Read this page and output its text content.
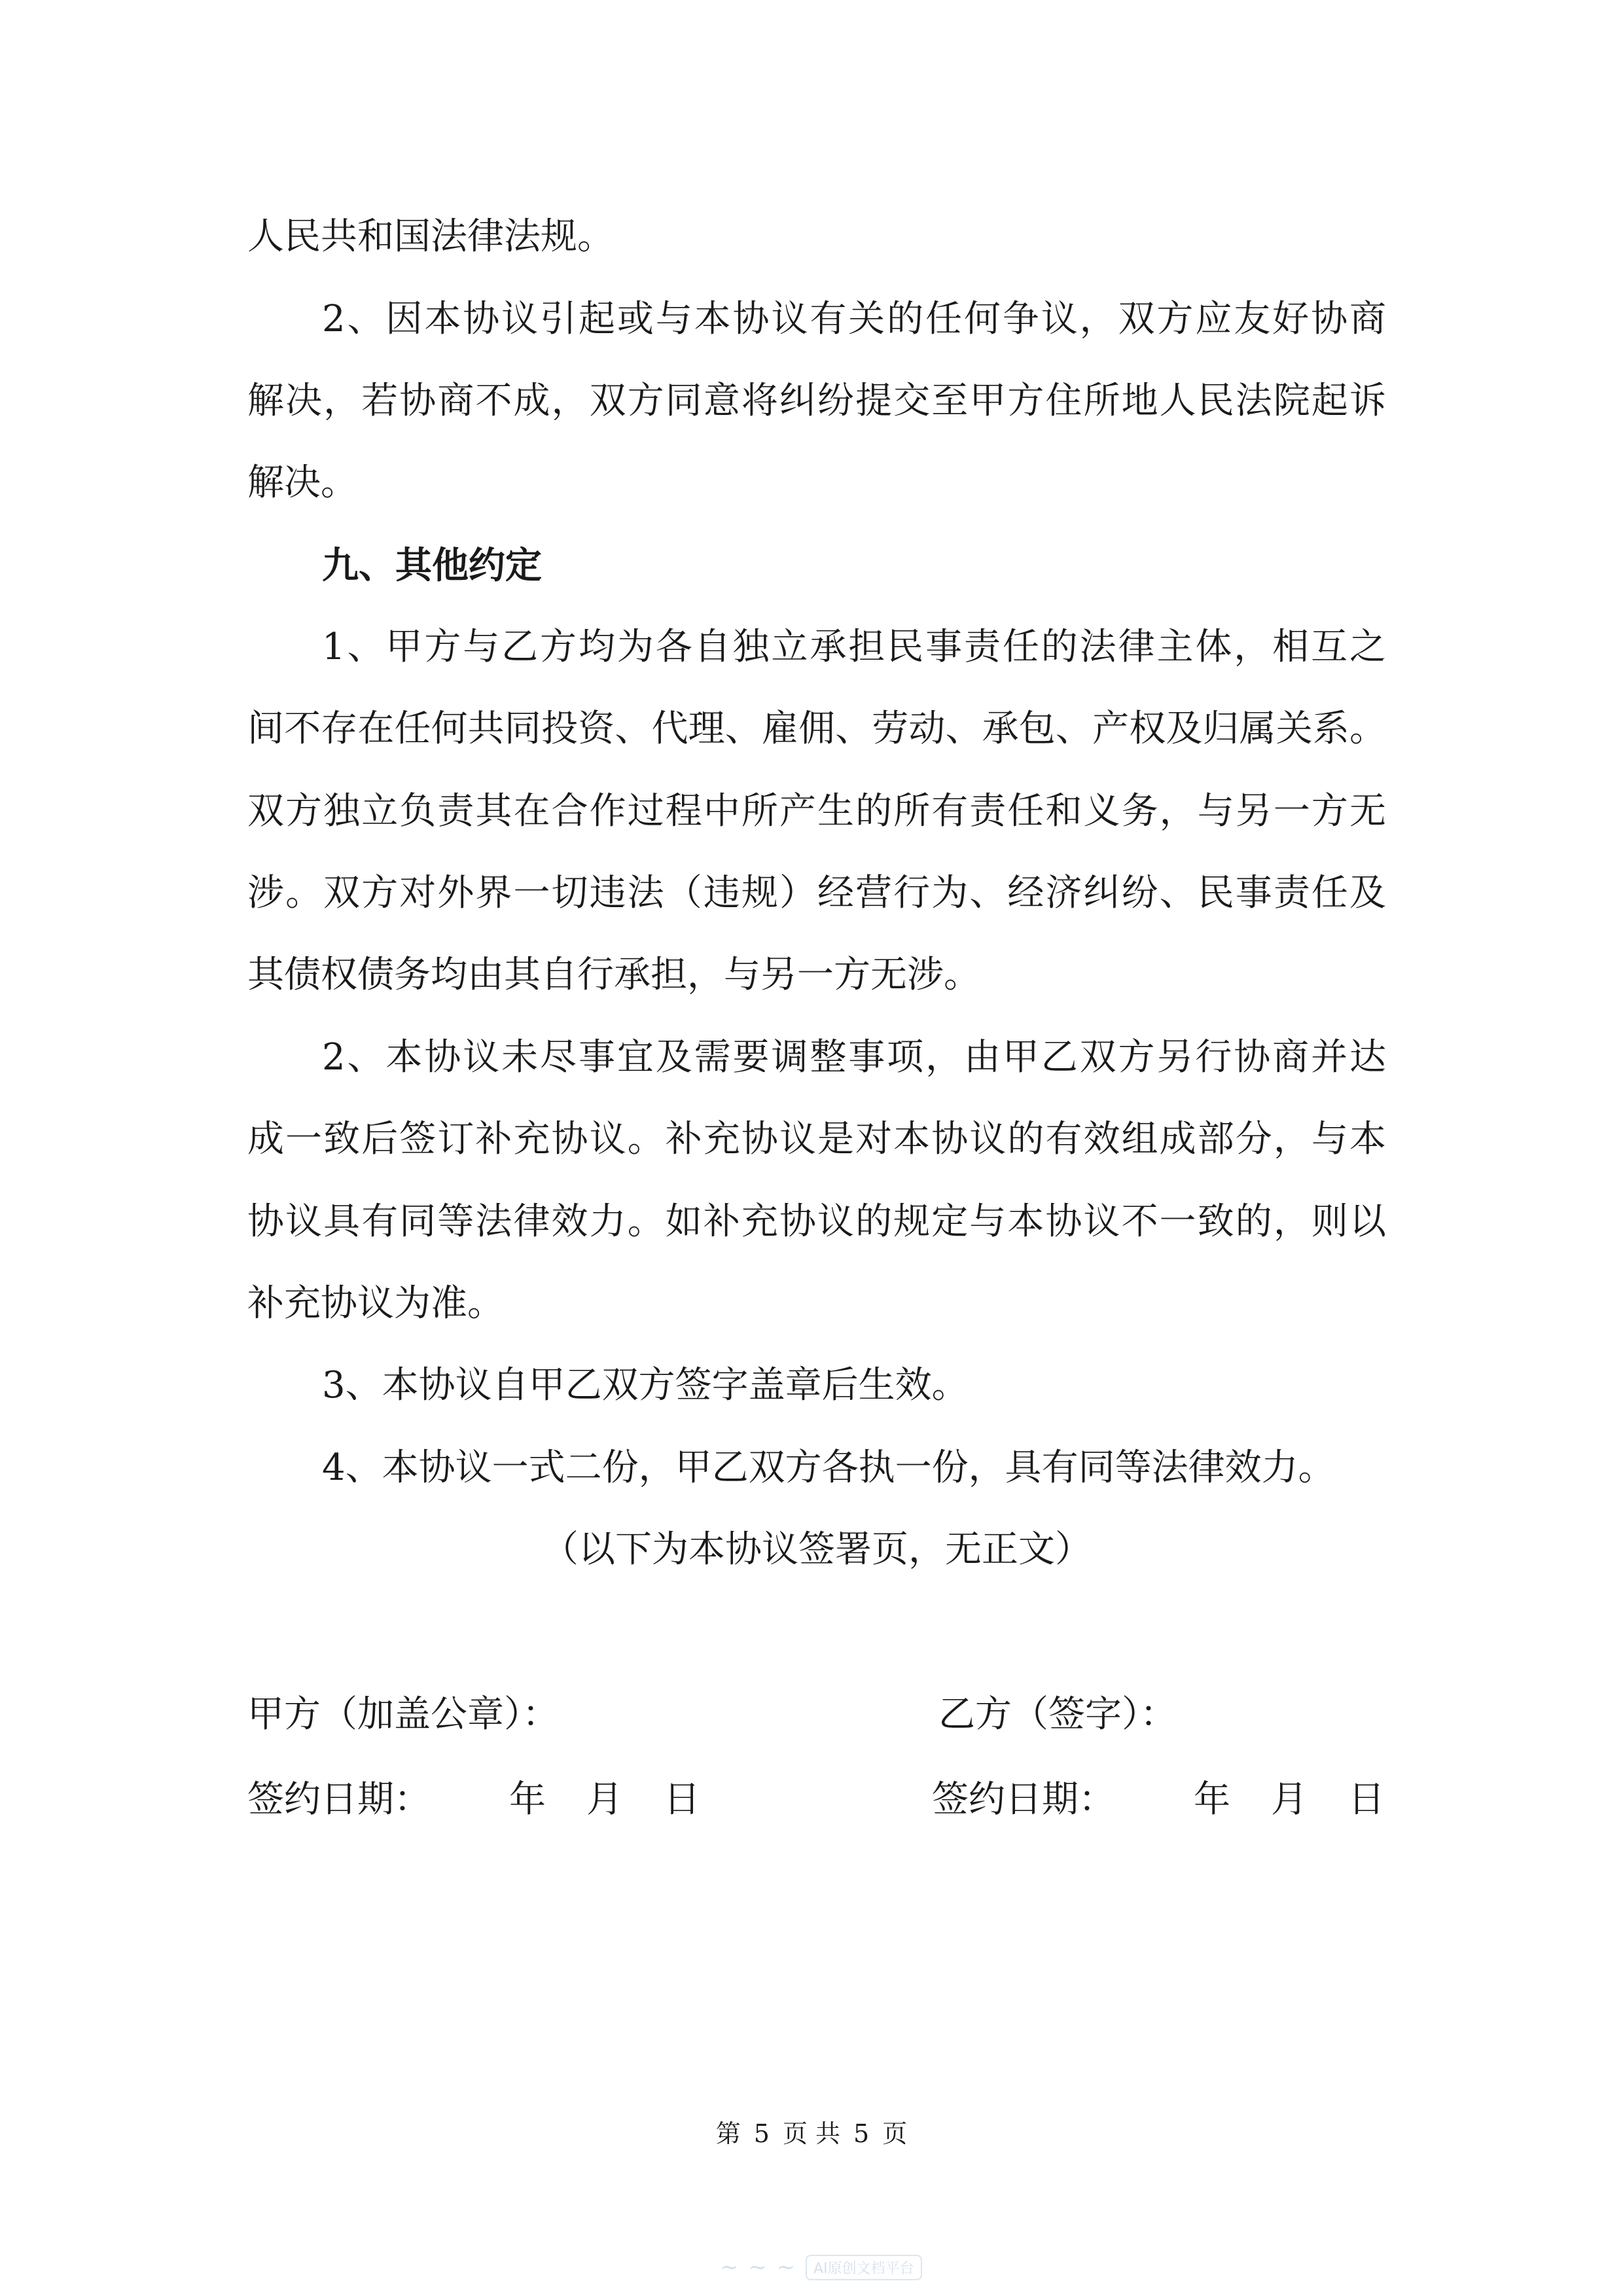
人民共和国法律法规。
2、因本协议引起或与本协议有关的任何争议，双方应友好协商
解决，若协商不成，双方同意将纠纷提交至甲方住所地人民法院起诉
解决。
九、其他约定
1、甲方与乙方均为各自独立承担民事责任的法律主体，相互之
间不存在任何共同投资、代理、雇佣、劳动、承包、产权及归属关系。
双方独立负责其在合作过程中所产生的所有责任和义务，与另一方无
涉。双方对外界一切违法（违规）经营行为、经济纠纷、民事责任及
其债权债务均由其自行承担，与另一方无涉。
2、本协议未尽事宜及需要调整事项，由甲乙双方另行协商并达
成一致后签订补充协议。补充协议是对本协议的有效组成部分，与本
协议具有同等法律效力。如补充协议的规定与本协议不一致的，则以
补充协议为准。
3、本协议自甲乙双方签字盖章后生效。
4、本协议一式二份，甲乙双方各执一份，具有同等法律效力。
（以下为本协议签署页，无正文）
甲方（加盖公章）：	乙方（签字）：
签约日期： 年 月 日	签约日期： 年 月 日
第 5 页 共 5 页
~ ~ ~	AI原创文档平台
